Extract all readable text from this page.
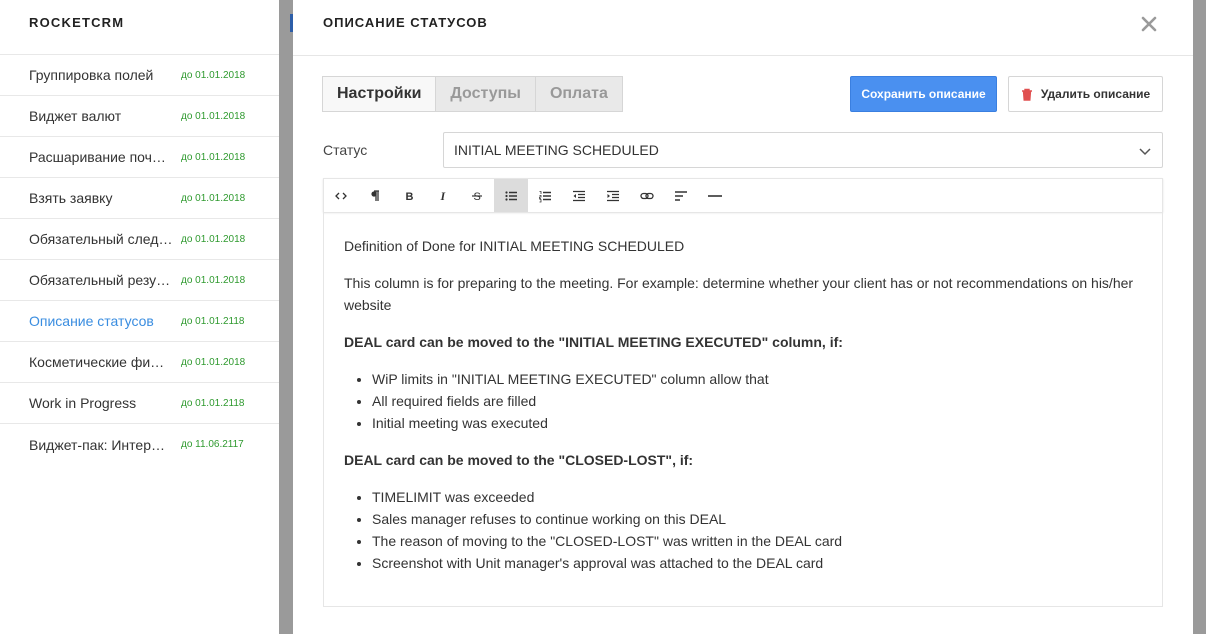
ROCKETCRM
Группировка полей	до 01.01.2018
Виджет валют	до 01.01.2018
Расшаривание поч…	до 01.01.2018
Взять заявку	до 01.01.2018
Обязательный след… до 01.01.2018
Обязательный резу…	до 01.01.2018
Описание статусов	до 01.01.2118
Косметические фи…	до 01.01.2018
Work in Progress	до 01.01.2118
Виджет-пак: Интер…	до 11.06.2117
ОПИСАНИЕ СТАТУСОВ
Настройки	Доступы	Оплата	Сохранить описание	Удалить описание
Статус	INITIAL MEETING SCHEDULED
B I	S

Definition of Done for INITIAL MEETING SCHEDULED

This column is for preparing to the meeting. For example: determine whether your client has or not recommendations on his/her website

DEAL card can be moved to the "INITIAL MEETING EXECUTED" column, if:

• WiP limits in "INITIAL MEETING EXECUTED" column allow that
• All required fields are filled
• Initial meeting was executed

DEAL card can be moved to the "CLOSED-LOST", if:

• TIMELIMIT was exceeded
• Sales manager refuses to continue working on this DEAL
• The reason of moving to the "CLOSED-LOST" was written in the DEAL card
• Screenshot with Unit manager's approval was attached to the DEAL card
